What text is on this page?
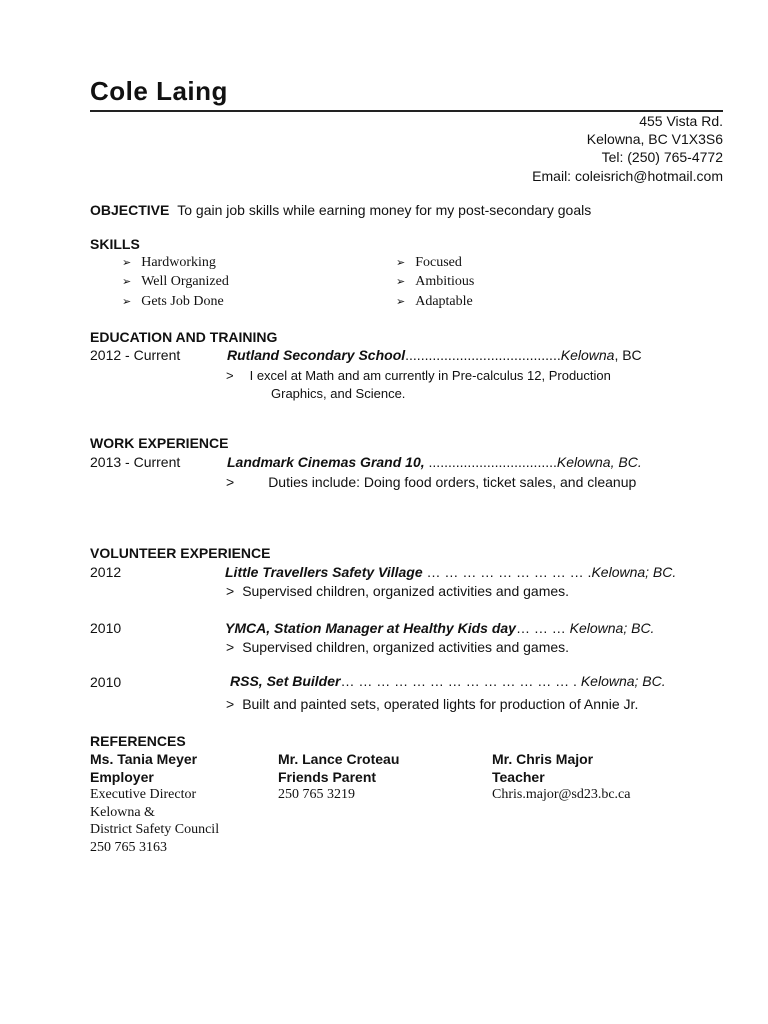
Cole Laing
455 Vista Rd.
Kelowna, BC V1X3S6
Tel: (250) 765-4772
Email: coleisrich@hotmail.com
OBJECTIVE To gain job skills while earning money for my post-secondary goals
SKILLS
➢ Hardworking
➢ Well Organized
➢ Gets Job Done
➢ Focused
➢ Ambitious
➢ Adaptable
EDUCATION AND TRAINING
2012 - Current	Rutland Secondary School........................................Kelowna, BC
> I excel at Math and am currently in Pre-calculus 12, Production
Graphics, and Science.
WORK EXPERIENCE
2013 - Current	Landmark Cinemas Grand 10, .................................Kelowna, BC.
> Duties include: Doing food orders, ticket sales, and cleanup
VOLUNTEER EXPERIENCE
2012	Little Travellers Safety Village … … … … … … … … … .Kelowna; BC.
> Supervised children, organized activities and games.
2010	YMCA, Station Manager at Healthy Kids day… … … Kelowna; BC.
> Supervised children, organized activities and games.
2010	RSS, Set Builder… … … … … … … … … … … … … . Kelowna; BC.
> Built and painted sets, operated lights for production of Annie Jr.
REFERENCES
Ms. Tania Meyer
Employer
Executive Director
Kelowna &
District Safety Council
250 765 3163
Mr. Lance Croteau
Friends Parent
250 765 3219
Mr. Chris Major
Teacher
Chris.major@sd23.bc.ca
